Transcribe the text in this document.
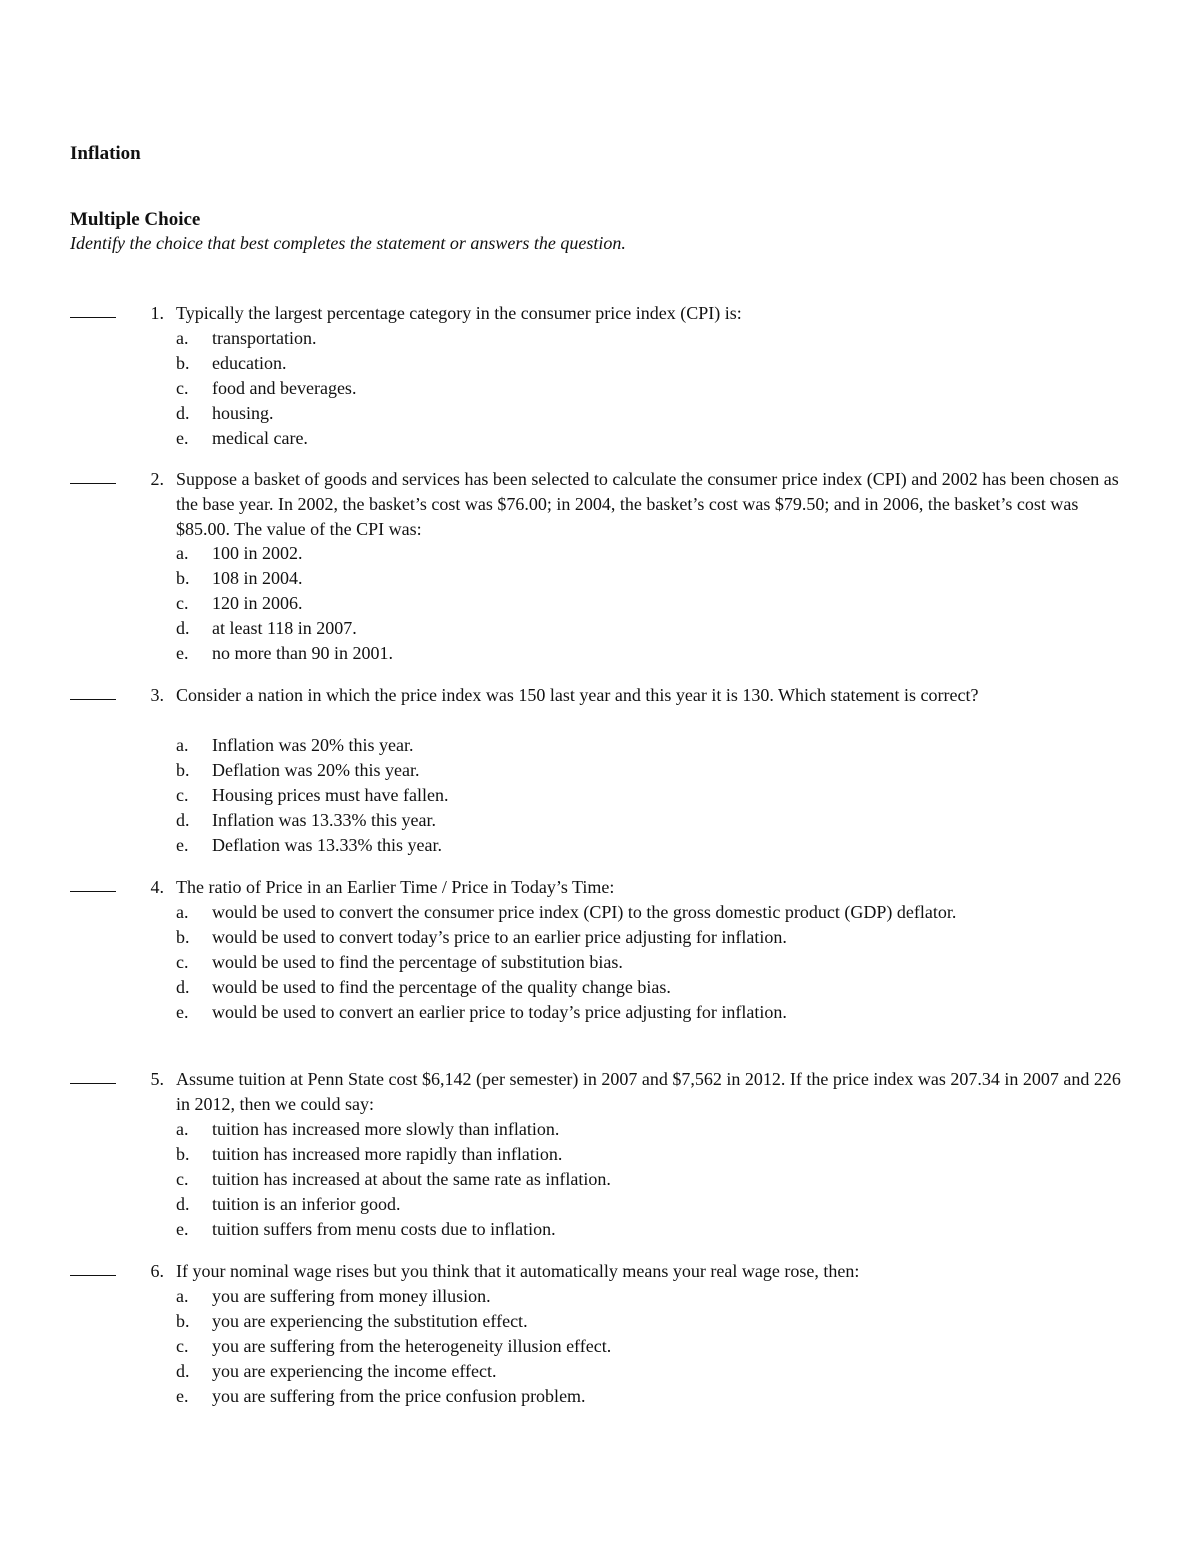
Inflation
Multiple Choice

Identify the choice that best completes the statement or answers the question.

1. Typically the largest percentage category in the consumer price index (CPI) is:
a. transportation.
b. education.
c. food and beverages.
d. housing.
e. medical care.
2. Suppose a basket of goods and services has been selected to calculate the consumer price index (CPI) and 2002 has been chosen as the base year. In 2002, the basket’s cost was $76.00; in 2004, the basket’s cost was $79.50; and in 2006, the basket’s cost was $85.00. The value of the CPI was:
a. 100 in 2002.
b. 108 in 2004.
c. 120 in 2006.
d. at least 118 in 2007.
e. no more than 90 in 2001.
3. Consider a nation in which the price index was 150 last year and this year it is 130. Which statement is correct?
a. Inflation was 20% this year.
b. Deflation was 20% this year.
c. Housing prices must have fallen.
d. Inflation was 13.33% this year.
e. Deflation was 13.33% this year.
4. The ratio of Price in an Earlier Time / Price in Today’s Time:
a. would be used to convert the consumer price index (CPI) to the gross domestic product (GDP) deflator.
b. would be used to convert today’s price to an earlier price adjusting for inflation.
c. would be used to find the percentage of substitution bias.
d. would be used to find the percentage of the quality change bias.
e. would be used to convert an earlier price to today’s price adjusting for inflation.
5. Assume tuition at Penn State cost $6,142 (per semester) in 2007 and $7,562 in 2012. If the price index was 207.34 in 2007 and 226 in 2012, then we could say:
a. tuition has increased more slowly than inflation.
b. tuition has increased more rapidly than inflation.
c. tuition has increased at about the same rate as inflation.
d. tuition is an inferior good.
e. tuition suffers from menu costs due to inflation.
6. If your nominal wage rises but you think that it automatically means your real wage rose, then:
a. you are suffering from money illusion.
b. you are experiencing the substitution effect.
c. you are suffering from the heterogeneity illusion effect.
d. you are experiencing the income effect.
e. you are suffering from the price confusion problem.
